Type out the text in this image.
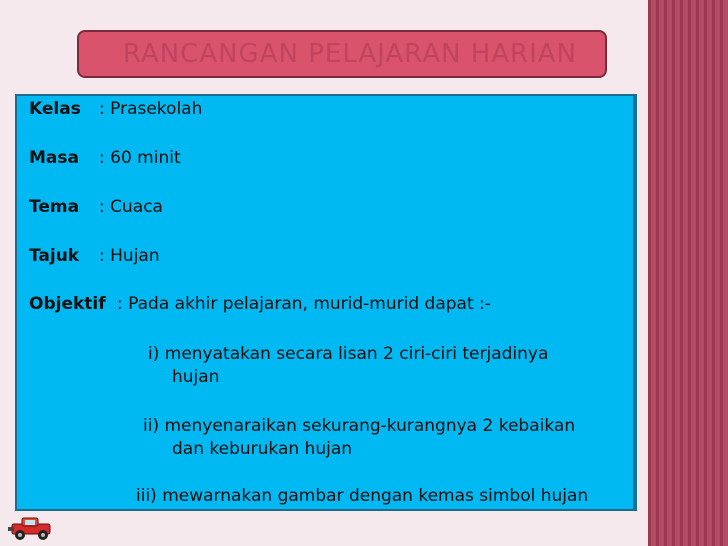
RANCANGAN PELAJARAN HARIAN
Kelas : Prasekolah
Masa : 60 minit
Tema : Cuaca
Tajuk : Hujan
Objektif : Pada akhir pelajaran, murid-murid dapat :-
i) menyatakan secara lisan 2 ciri-ciri terjadinya
hujan
ii) menyenaraikan sekurang-kurangnya 2 kebaikan
dan keburukan hujan
iii) mewarnakan gambar dengan kemas simbol hujan
